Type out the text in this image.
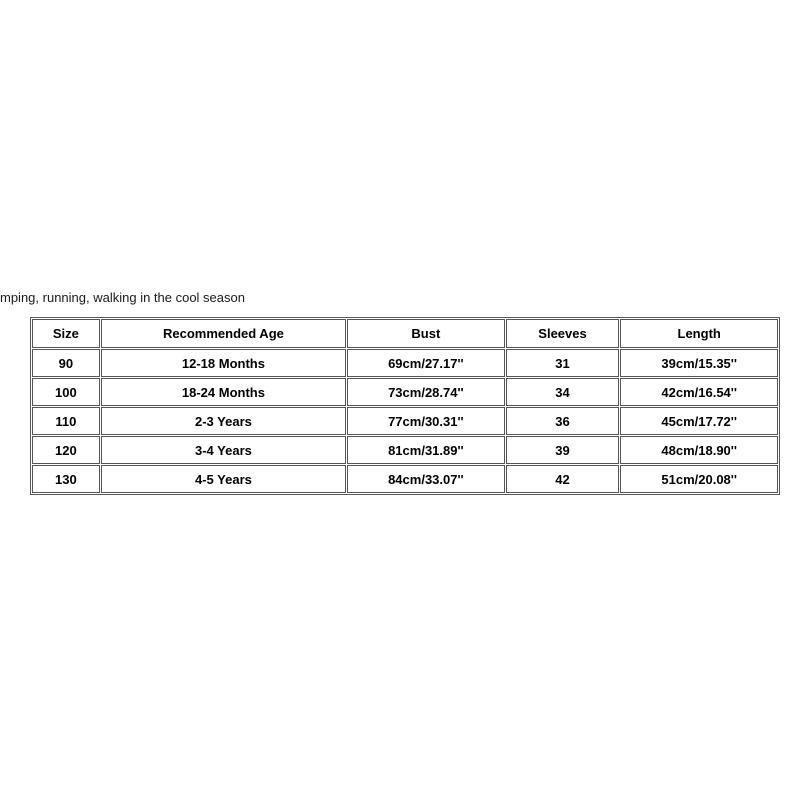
mping, running, walking in the cool season
Size	Recommended Age	Bust	Sleeves	Length
90	12-18 Months	69cm/27.17''	31	39cm/15.35''
100	18-24 Months	73cm/28.74''	34	42cm/16.54''
110	2-3 Years	77cm/30.31''	36	45cm/17.72''
120	3-4 Years	81cm/31.89''	39	48cm/18.90''
130	4-5 Years	84cm/33.07''	42	51cm/20.08''
